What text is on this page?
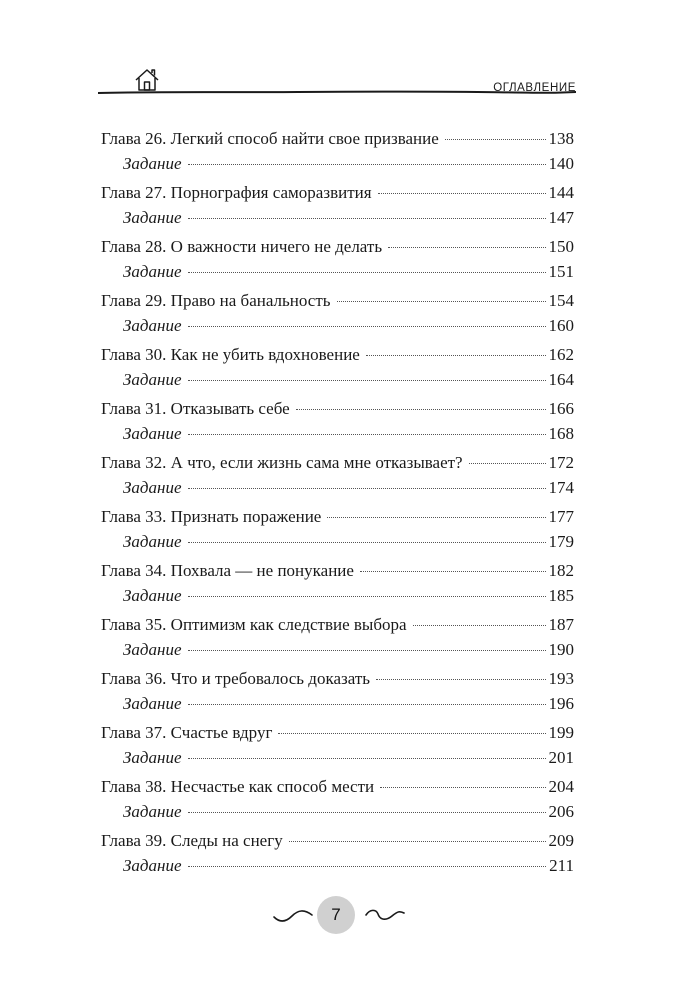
ОГЛАВЛЕНИЕ
Глава 26. Легкий способ найти свое призвание	138
Задание	140
Глава 27. Порнография саморазвития	144
Задание	147
Глава 28. О важности ничего не делать	150
Задание	151
Глава 29. Право на банальность	154
Задание	160
Глава 30. Как не убить вдохновение	162
Задание	164
Глава 31. Отказывать себе	166
Задание	168
Глава 32. А что, если жизнь сама мне отказывает?	172
Задание	174
Глава 33. Признать поражение	177
Задание	179
Глава 34. Похвала — не понукание	182
Задание	185
Глава 35. Оптимизм как следствие выбора	187
Задание	190
Глава 36. Что и требовалось доказать	193
Задание	196
Глава 37. Счастье вдруг	199
Задание	201
Глава 38. Несчастье как способ мести	204
Задание	206
Глава 39. Следы на снегу	209
Задание	211
7
